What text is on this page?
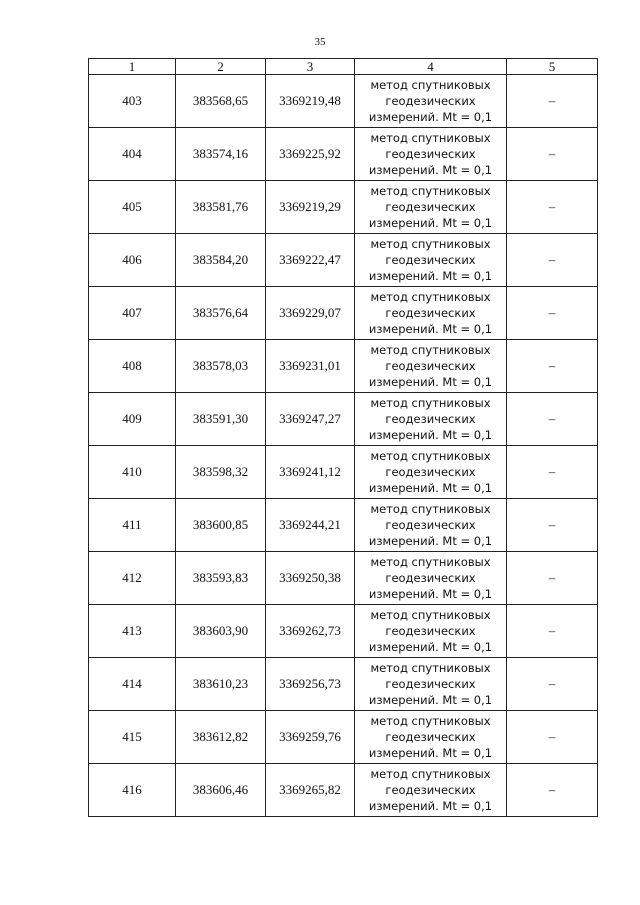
35
1	2	3	4	5
403	383568,65	3369219,48	метод спутниковых
геодезических
измерений. Mt = 0,1	–
404	383574,16	3369225,92	метод спутниковых
геодезических
измерений. Mt = 0,1	–
405	383581,76	3369219,29	метод спутниковых
геодезических
измерений. Mt = 0,1	–
406	383584,20	3369222,47	метод спутниковых
геодезических
измерений. Mt = 0,1	–
407	383576,64	3369229,07	метод спутниковых
геодезических
измерений. Mt = 0,1	–
408	383578,03	3369231,01	метод спутниковых
геодезических
измерений. Mt = 0,1	–
409	383591,30	3369247,27	метод спутниковых
геодезических
измерений. Mt = 0,1	–
410	383598,32	3369241,12	метод спутниковых
геодезических
измерений. Mt = 0,1	–
411	383600,85	3369244,21	метод спутниковых
геодезических
измерений. Mt = 0,1	–
412	383593,83	3369250,38	метод спутниковых
геодезических
измерений. Mt = 0,1	–
413	383603,90	3369262,73	метод спутниковых
геодезических
измерений. Mt = 0,1	–
414	383610,23	3369256,73	метод спутниковых
геодезических
измерений. Mt = 0,1	–
415	383612,82	3369259,76	метод спутниковых
геодезических
измерений. Mt = 0,1	–
416	383606,46	3369265,82	метод спутниковых
геодезических
измерений. Mt = 0,1	–
